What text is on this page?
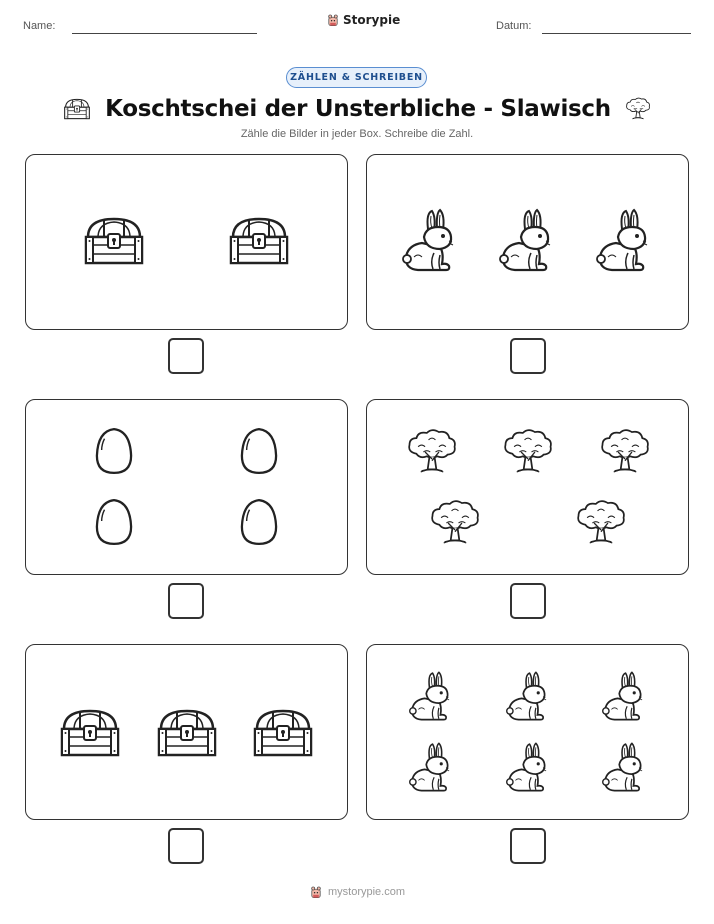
Name:	Storypie	Datum:
ZÄHLEN & SCHREIBEN
Koschtschei der Unsterbliche - Slawisch
Zähle die Bilder in jeder Box. Schreibe die Zahl.
mystorypie.com
